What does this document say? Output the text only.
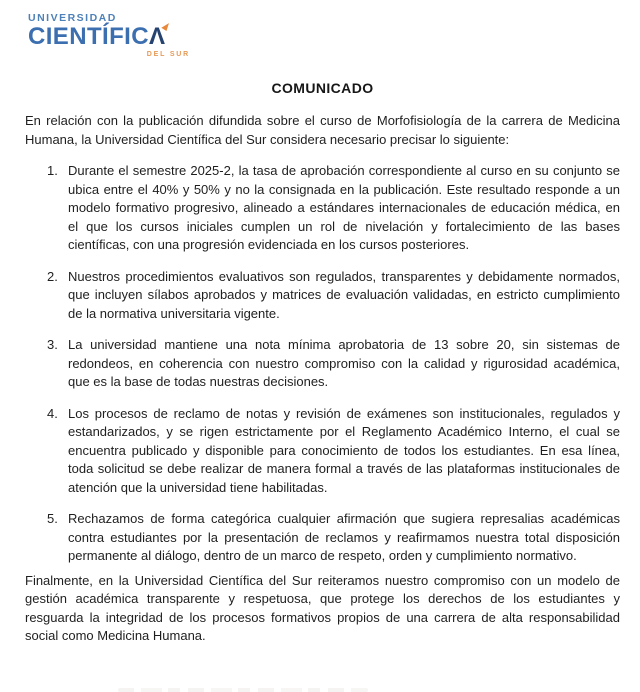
UNIVERSIDAD
CIENTÍFICΛ
DEL SUR
COMUNICADO

En relación con la publicación difundida sobre el curso de Morfofisiología de la carrera de Medicina Humana, la Universidad Científica del Sur considera necesario precisar lo siguiente:

1. Durante el semestre 2025-2, la tasa de aprobación correspondiente al curso en su conjunto se ubica entre el 40% y 50% y no la consignada en la publicación. Este resultado responde a un modelo formativo progresivo, alineado a estándares internacionales de educación médica, en el que los cursos iniciales cumplen un rol de nivelación y fortalecimiento de las bases científicas, con una progresión evidenciada en los cursos posteriores.
2. Nuestros procedimientos evaluativos son regulados, transparentes y debidamente normados, que incluyen sílabos aprobados y matrices de evaluación validadas, en estricto cumplimiento de la normativa universitaria vigente.
3. La universidad mantiene una nota mínima aprobatoria de 13 sobre 20, sin sistemas de redondeos, en coherencia con nuestro compromiso con la calidad y rigurosidad académica, que es la base de todas nuestras decisiones.
4. Los procesos de reclamo de notas y revisión de exámenes son institucionales, regulados y estandarizados, y se rigen estrictamente por el Reglamento Académico Interno, el cual se encuentra publicado y disponible para conocimiento de todos los estudiantes. En esa línea, toda solicitud se debe realizar de manera formal a través de las plataformas institucionales de atención que la universidad tiene habilitadas.
5. Rechazamos de forma categórica cualquier afirmación que sugiera represalias académicas contra estudiantes por la presentación de reclamos y reafirmamos nuestra total disposición permanente al diálogo, dentro de un marco de respeto, orden y cumplimiento normativo.

Finalmente, en la Universidad Científica del Sur reiteramos nuestro compromiso con un modelo de gestión académica transparente y respetuosa, que protege los derechos de los estudiantes y resguarda la integridad de los procesos formativos propios de una carrera de alta responsabilidad social como Medicina Humana.
